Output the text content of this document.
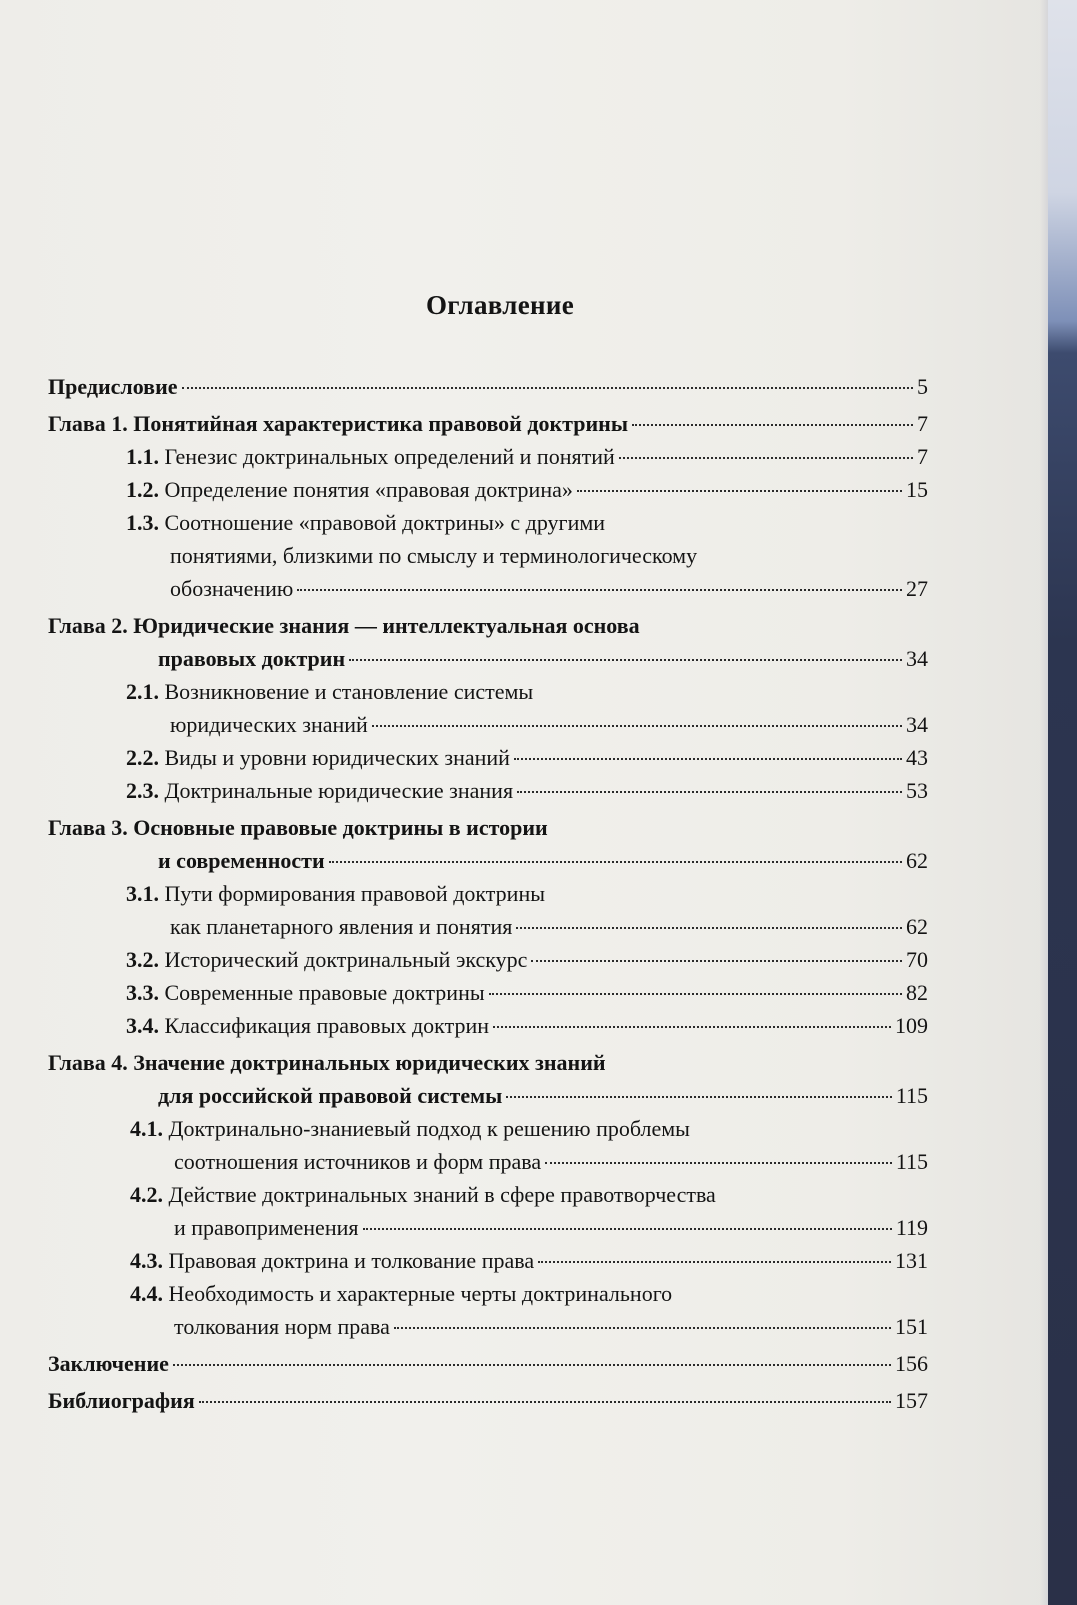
Оглавление
Предисловие	5
Глава 1. Понятийная характеристика правовой доктрины	7
1.1. Генезис доктринальных определений и понятий	7
1.2. Определение понятия «правовая доктрина»	15
1.3. Соотношение «правовой доктрины» с другими
понятиями, близкими по смыслу и терминологическому
обозначению	27
Глава 2. Юридические знания — интеллектуальная основа
правовых доктрин	34
2.1. Возникновение и становление системы
юридических знаний	34
2.2. Виды и уровни юридических знаний	43
2.3. Доктринальные юридические знания	53
Глава 3. Основные правовые доктрины в истории
и современности	62
3.1. Пути формирования правовой доктрины
как планетарного явления и понятия	62
3.2. Исторический доктринальный экскурс	70
3.3. Современные правовые доктрины	82
3.4. Классификация правовых доктрин	109
Глава 4. Значение доктринальных юридических знаний
для российской правовой системы	115
4.1. Доктринально-знаниевый подход к решению проблемы
соотношения источников и форм права	115
4.2. Действие доктринальных знаний в сфере правотворчества
и правоприменения	119
4.3. Правовая доктрина и толкование права	131
4.4. Необходимость и характерные черты доктринального
толкования норм права	151
Заключение	156
Библиография	157
